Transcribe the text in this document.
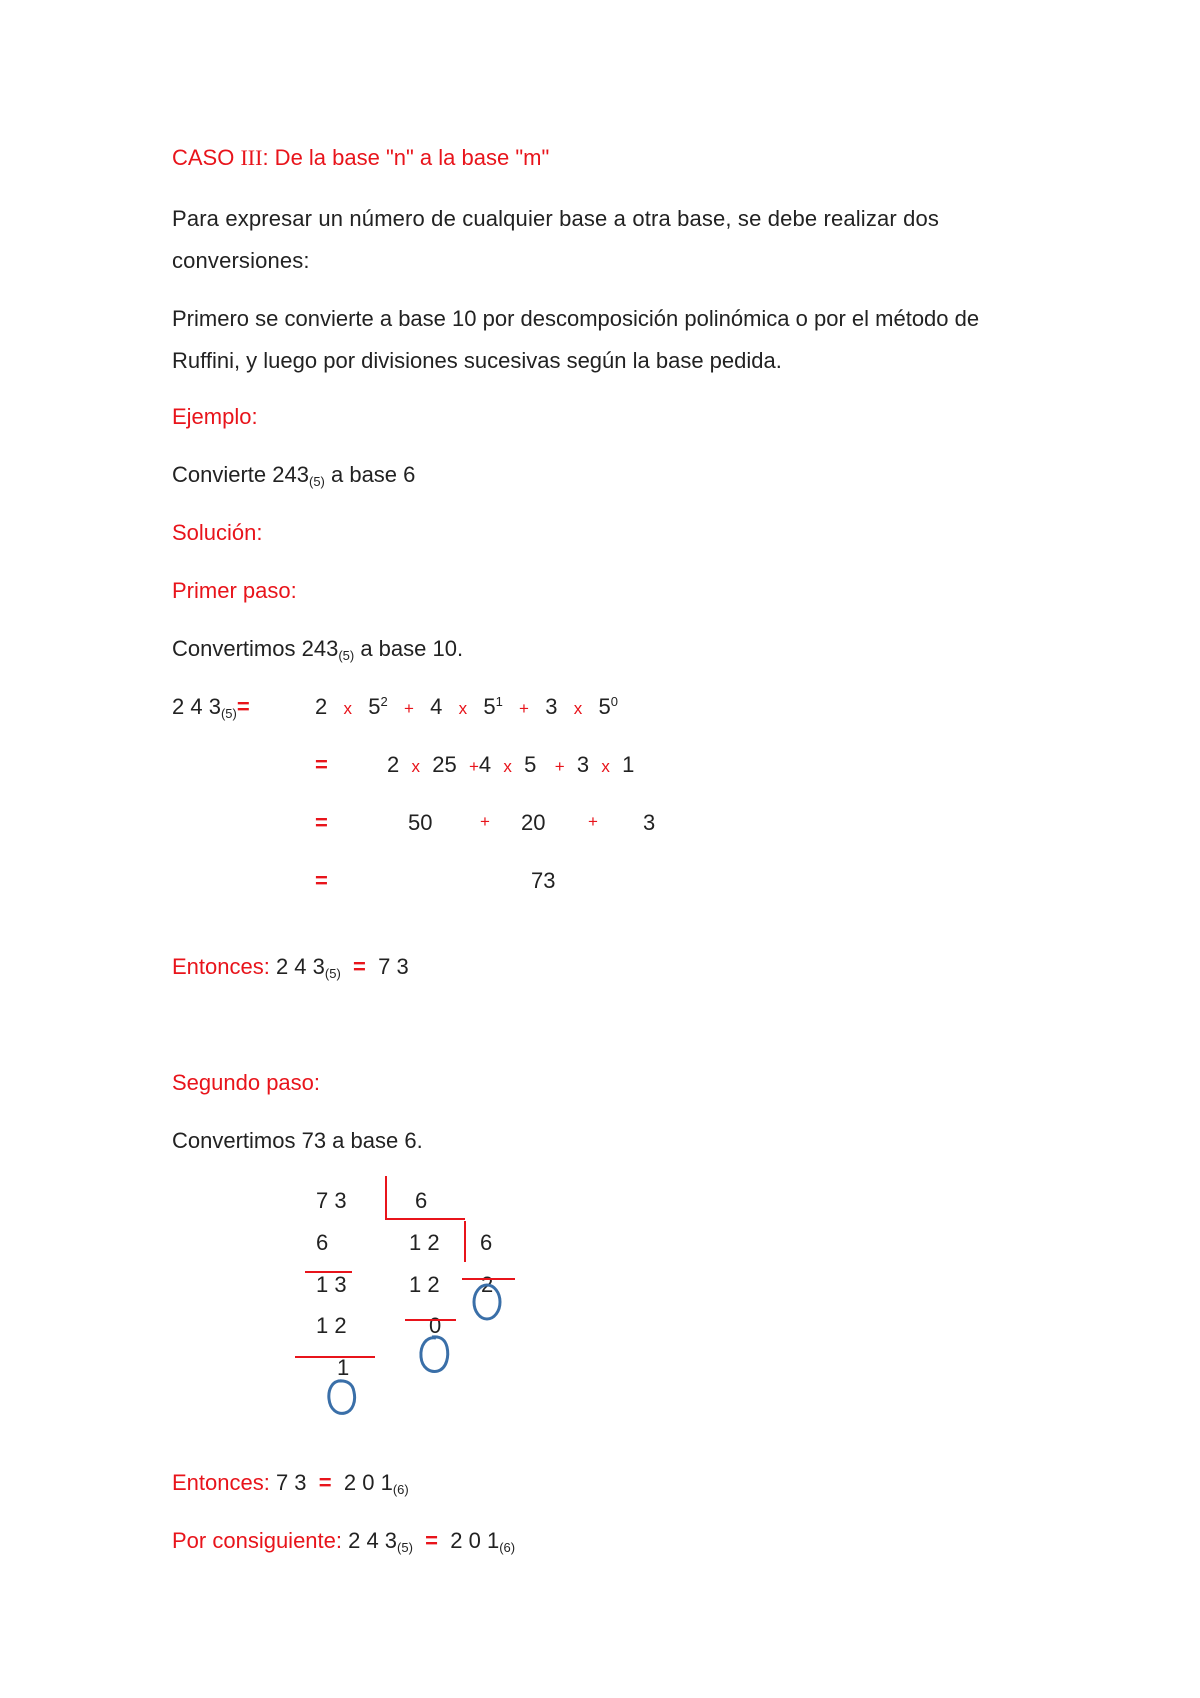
CASO III: De la base "n" a la base "m"
Para expresar un número de cualquier base a otra base, se debe realizar dos conversiones:
Primero se convierte a base 10 por descomposición polinómica o por el método de Ruffini, y luego por divisiones sucesivas según la base pedida.
Ejemplo:
Convierte $243_{(5)}$ a base 6
Solución:
Primer paso:
Convertimos $243_{(5)}$ a base 10.
2 4 $3_{(5)}=$	2 x $5^2 + 4$ x $5^1 + 3$ x $5^0$
=	2 x 25 +4 x 5 + 3 x 1
=	50	+ 20	+ 3
=	73
Entonces: 2 4 $3_{(5)} = 7$ 3
Segundo paso:
Convertimos 73 a base 6.
7 3	6
6	1 2 6
1 3	1 2 2
1 2	0
1
Entonces: 7 3 = 2 0 $1_{(6)}$
Por consiguiente: 2 4 $3_{(5)} = 2$ 0 $1_{(6)}$
